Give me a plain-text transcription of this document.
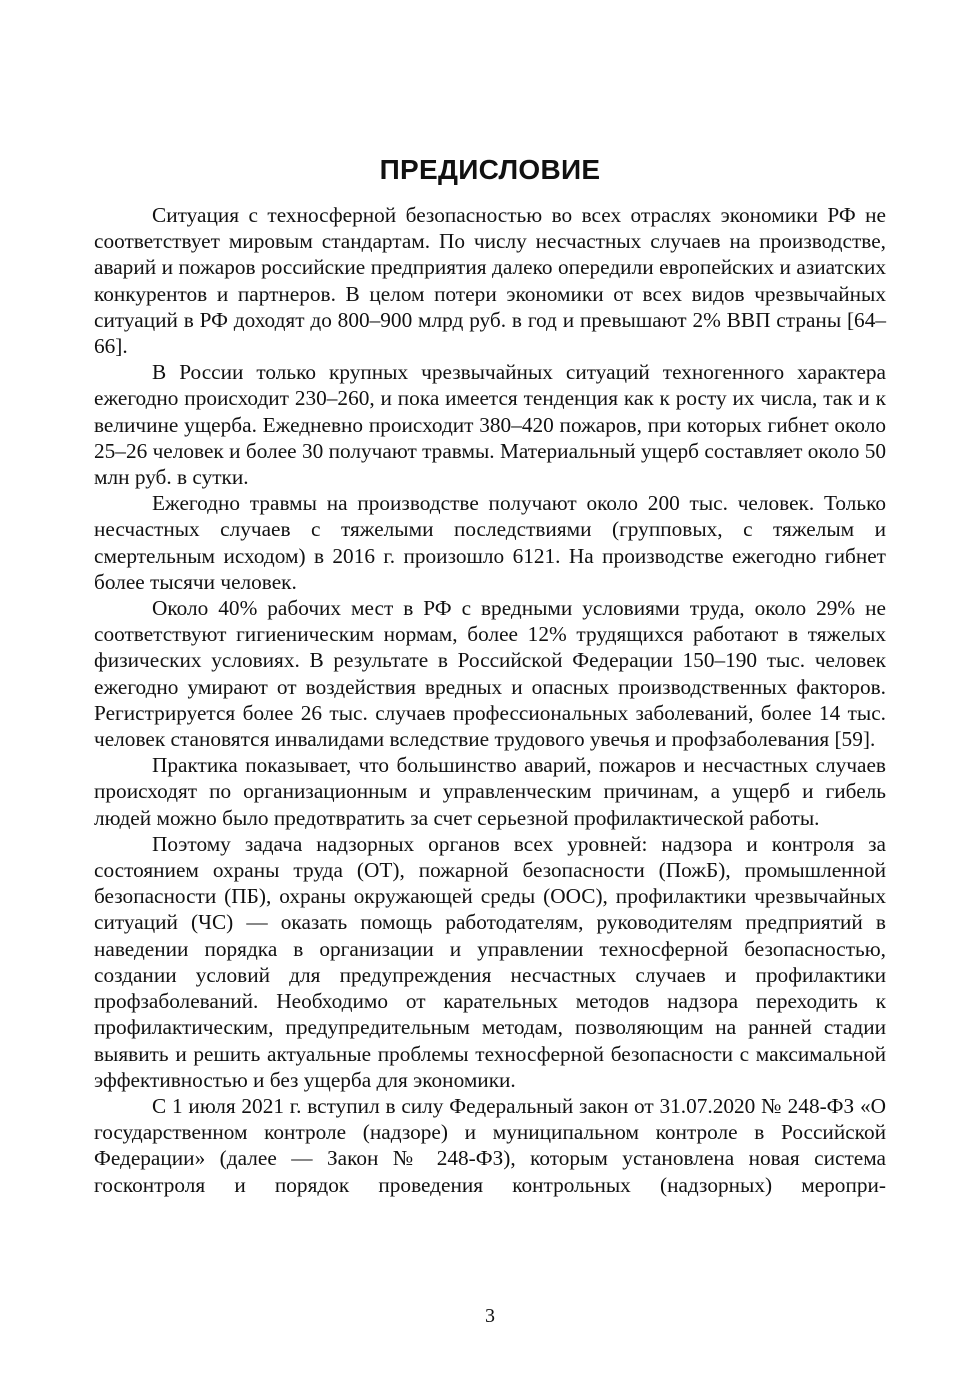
ПРЕДИСЛОВИЕ

Ситуация с техносферной безопасностью во всех отраслях экономики РФ не соответствует мировым стандартам. По числу несчастных случаев на производстве, аварий и пожаров российские предприятия далеко опередили европейских и азиатских конкурентов и партнеров. В целом потери экономики от всех видов чрезвычайных ситуаций в РФ доходят до 800–900 млрд руб. в год и превышают 2% ВВП страны [64–66].

В России только крупных чрезвычайных ситуаций техногенного характера ежегодно происходит 230–260, и пока имеется тенденция как к росту их числа, так и к величине ущерба. Ежедневно происходит 380–420 пожаров, при которых гибнет около 25–26 человек и более 30 получают травмы. Материальный ущерб составляет около 50 млн руб. в сутки.

Ежегодно травмы на производстве получают около 200 тыс. человек. Только несчастных случаев с тяжелыми последствиями (групповых, с тяжелым и смертельным исходом) в 2016 г. произошло 6121. На производстве ежегодно гибнет более тысячи человек.

Около 40% рабочих мест в РФ с вредными условиями труда, около 29% не соответствуют гигиеническим нормам, более 12% трудящихся работают в тяжелых физических условиях. В результате в Российской Федерации 150–190 тыс. человек ежегодно умирают от воздействия вредных и опасных производственных факторов. Регистрируется более 26 тыс. случаев профессиональных заболеваний, более 14 тыс. человек становятся инвалидами вследствие трудового увечья и профзаболевания [59].

Практика показывает, что большинство аварий, пожаров и несчастных случаев происходят по организационным и управленческим причинам, а ущерб и гибель людей можно было предотвратить за счет серьезной профилактической работы.

Поэтому задача надзорных органов всех уровней: надзора и контроля за состоянием охраны труда (ОТ), пожарной безопасности (ПожБ), промышленной безопасности (ПБ), охраны окружающей среды (ООС), профилактики чрезвычайных ситуаций (ЧС) — оказать помощь работодателям, руководителям предприятий в наведении порядка в организации и управлении техносферной безопасностью, создании условий для предупреждения несчастных случаев и профилактики профзаболеваний. Необходимо от карательных методов надзора переходить к профилактическим, предупредительным методам, позволяющим на ранней стадии выявить и решить актуальные проблемы техносферной безопасности с максимальной эффективностью и без ущерба для экономики.

С 1 июля 2021 г. вступил в силу Федеральный закон от 31.07.2020 № 248-ФЗ «О государственном контроле (надзоре) и муниципальном контроле в Российской Федерации» (далее — Закон № 248-ФЗ), которым установлена новая система госконтроля и порядок проведения контрольных (надзорных) меропри-

3
